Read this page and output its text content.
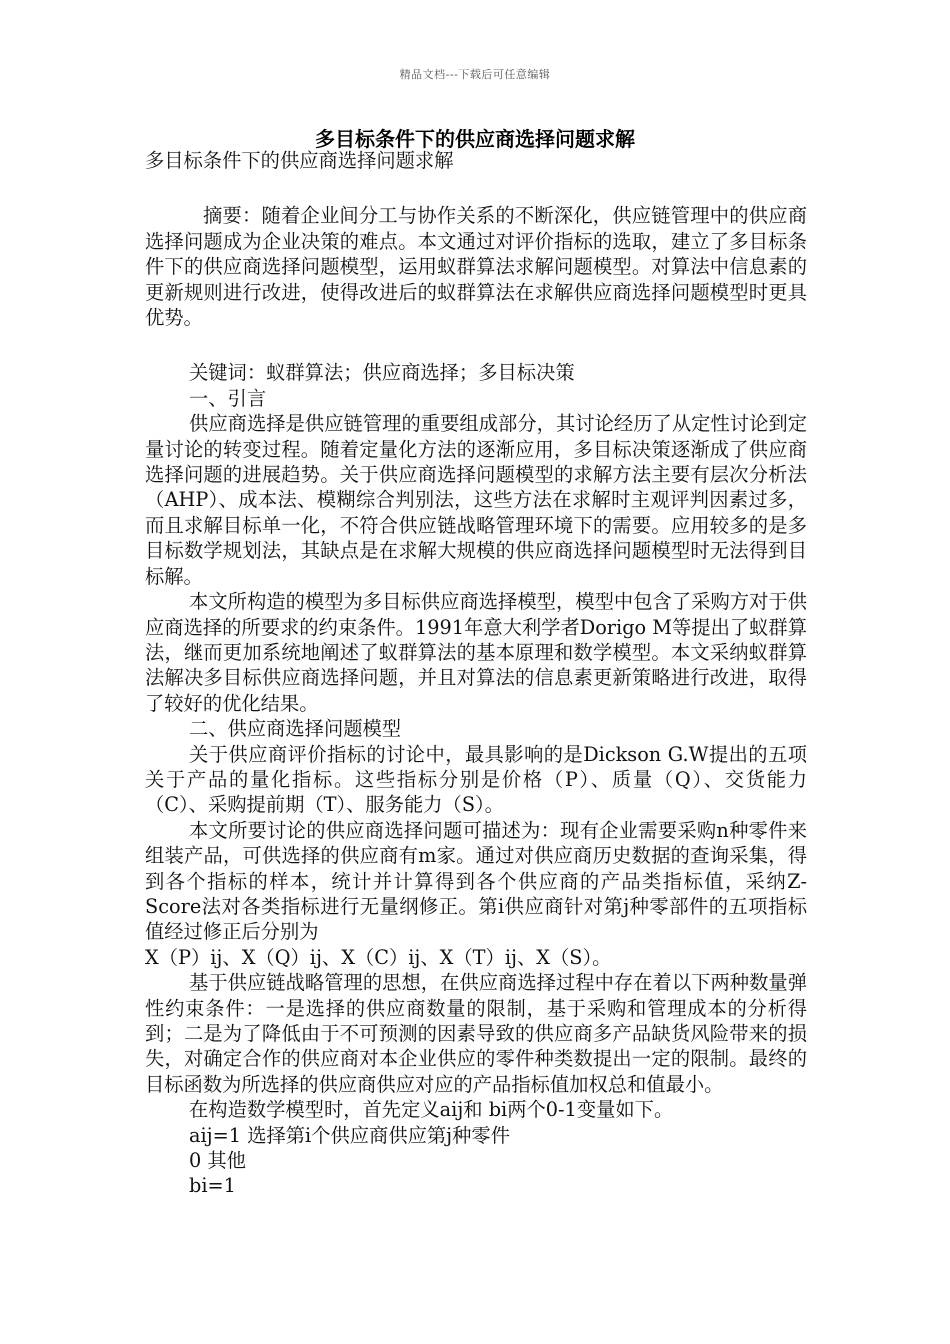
精品文档---下载后可任意编辑
多目标条件下的供应商选择问题求解

多目标条件下的供应商选择问题求解

摘要：随着企业间分工与协作关系的不断深化，供应链管理中的供应商选择问题成为企业决策的难点。本文通过对评价指标的选取，建立了多目标条件下的供应商选择问题模型，运用蚁群算法求解问题模型。对算法中信息素的更新规则进行改进，使得改进后的蚁群算法在求解供应商选择问题模型时更具优势。

关键词：蚁群算法；供应商选择；多目标决策

一、引言

供应商选择是供应链管理的重要组成部分，其讨论经历了从定性讨论到定量讨论的转变过程。随着定量化方法的逐渐应用，多目标决策逐渐成了供应商选择问题的进展趋势。关于供应商选择问题模型的求解方法主要有层次分析法（AHP）、成本法、模糊综合判别法，这些方法在求解时主观评判因素过多，而且求解目标单一化，不符合供应链战略管理环境下的需要。应用较多的是多目标数学规划法，其缺点是在求解大规模的供应商选择问题模型时无法得到目标解。

本文所构造的模型为多目标供应商选择模型，模型中包含了采购方对于供应商选择的所要求的约束条件。1991年意大利学者Dorigo M等提出了蚁群算法，继而更加系统地阐述了蚁群算法的基本原理和数学模型。本文采纳蚁群算法解决多目标供应商选择问题，并且对算法的信息素更新策略进行改进，取得了较好的优化结果。

二、供应商选择问题模型

关于供应商评价指标的讨论中，最具影响的是Dickson G.W提出的五项关于产品的量化指标。这些指标分别是价格（P）、质量（Q）、交货能力（C）、采购提前期（T）、服务能力（S）。

本文所要讨论的供应商选择问题可描述为：现有企业需要采购n种零件来组装产品，可供选择的供应商有m家。通过对供应商历史数据的查询采集，得到各个指标的样本，统计并计算得到各个供应商的产品类指标值，采纳Z-Score法对各类指标进行无量纲修正。第i供应商针对第j种零部件的五项指标值经过修正后分别为

X（P）ij、X（Q）ij、X（C）ij、X（T）ij、X（S）。

基于供应链战略管理的思想，在供应商选择过程中存在着以下两种数量弹性约束条件：一是选择的供应商数量的限制，基于采购和管理成本的分析得到；二是为了降低由于不可预测的因素导致的供应商多产品缺货风险带来的损失，对确定合作的供应商对本企业供应的零件种类数提出一定的限制。最终的目标函数为所选择的供应商供应对应的产品指标值加权总和值最小。

在构造数学模型时，首先定义aij和 bi两个0-1变量如下。

aij=1 选择第i个供应商供应第j种零件

0 其他

bi=1
